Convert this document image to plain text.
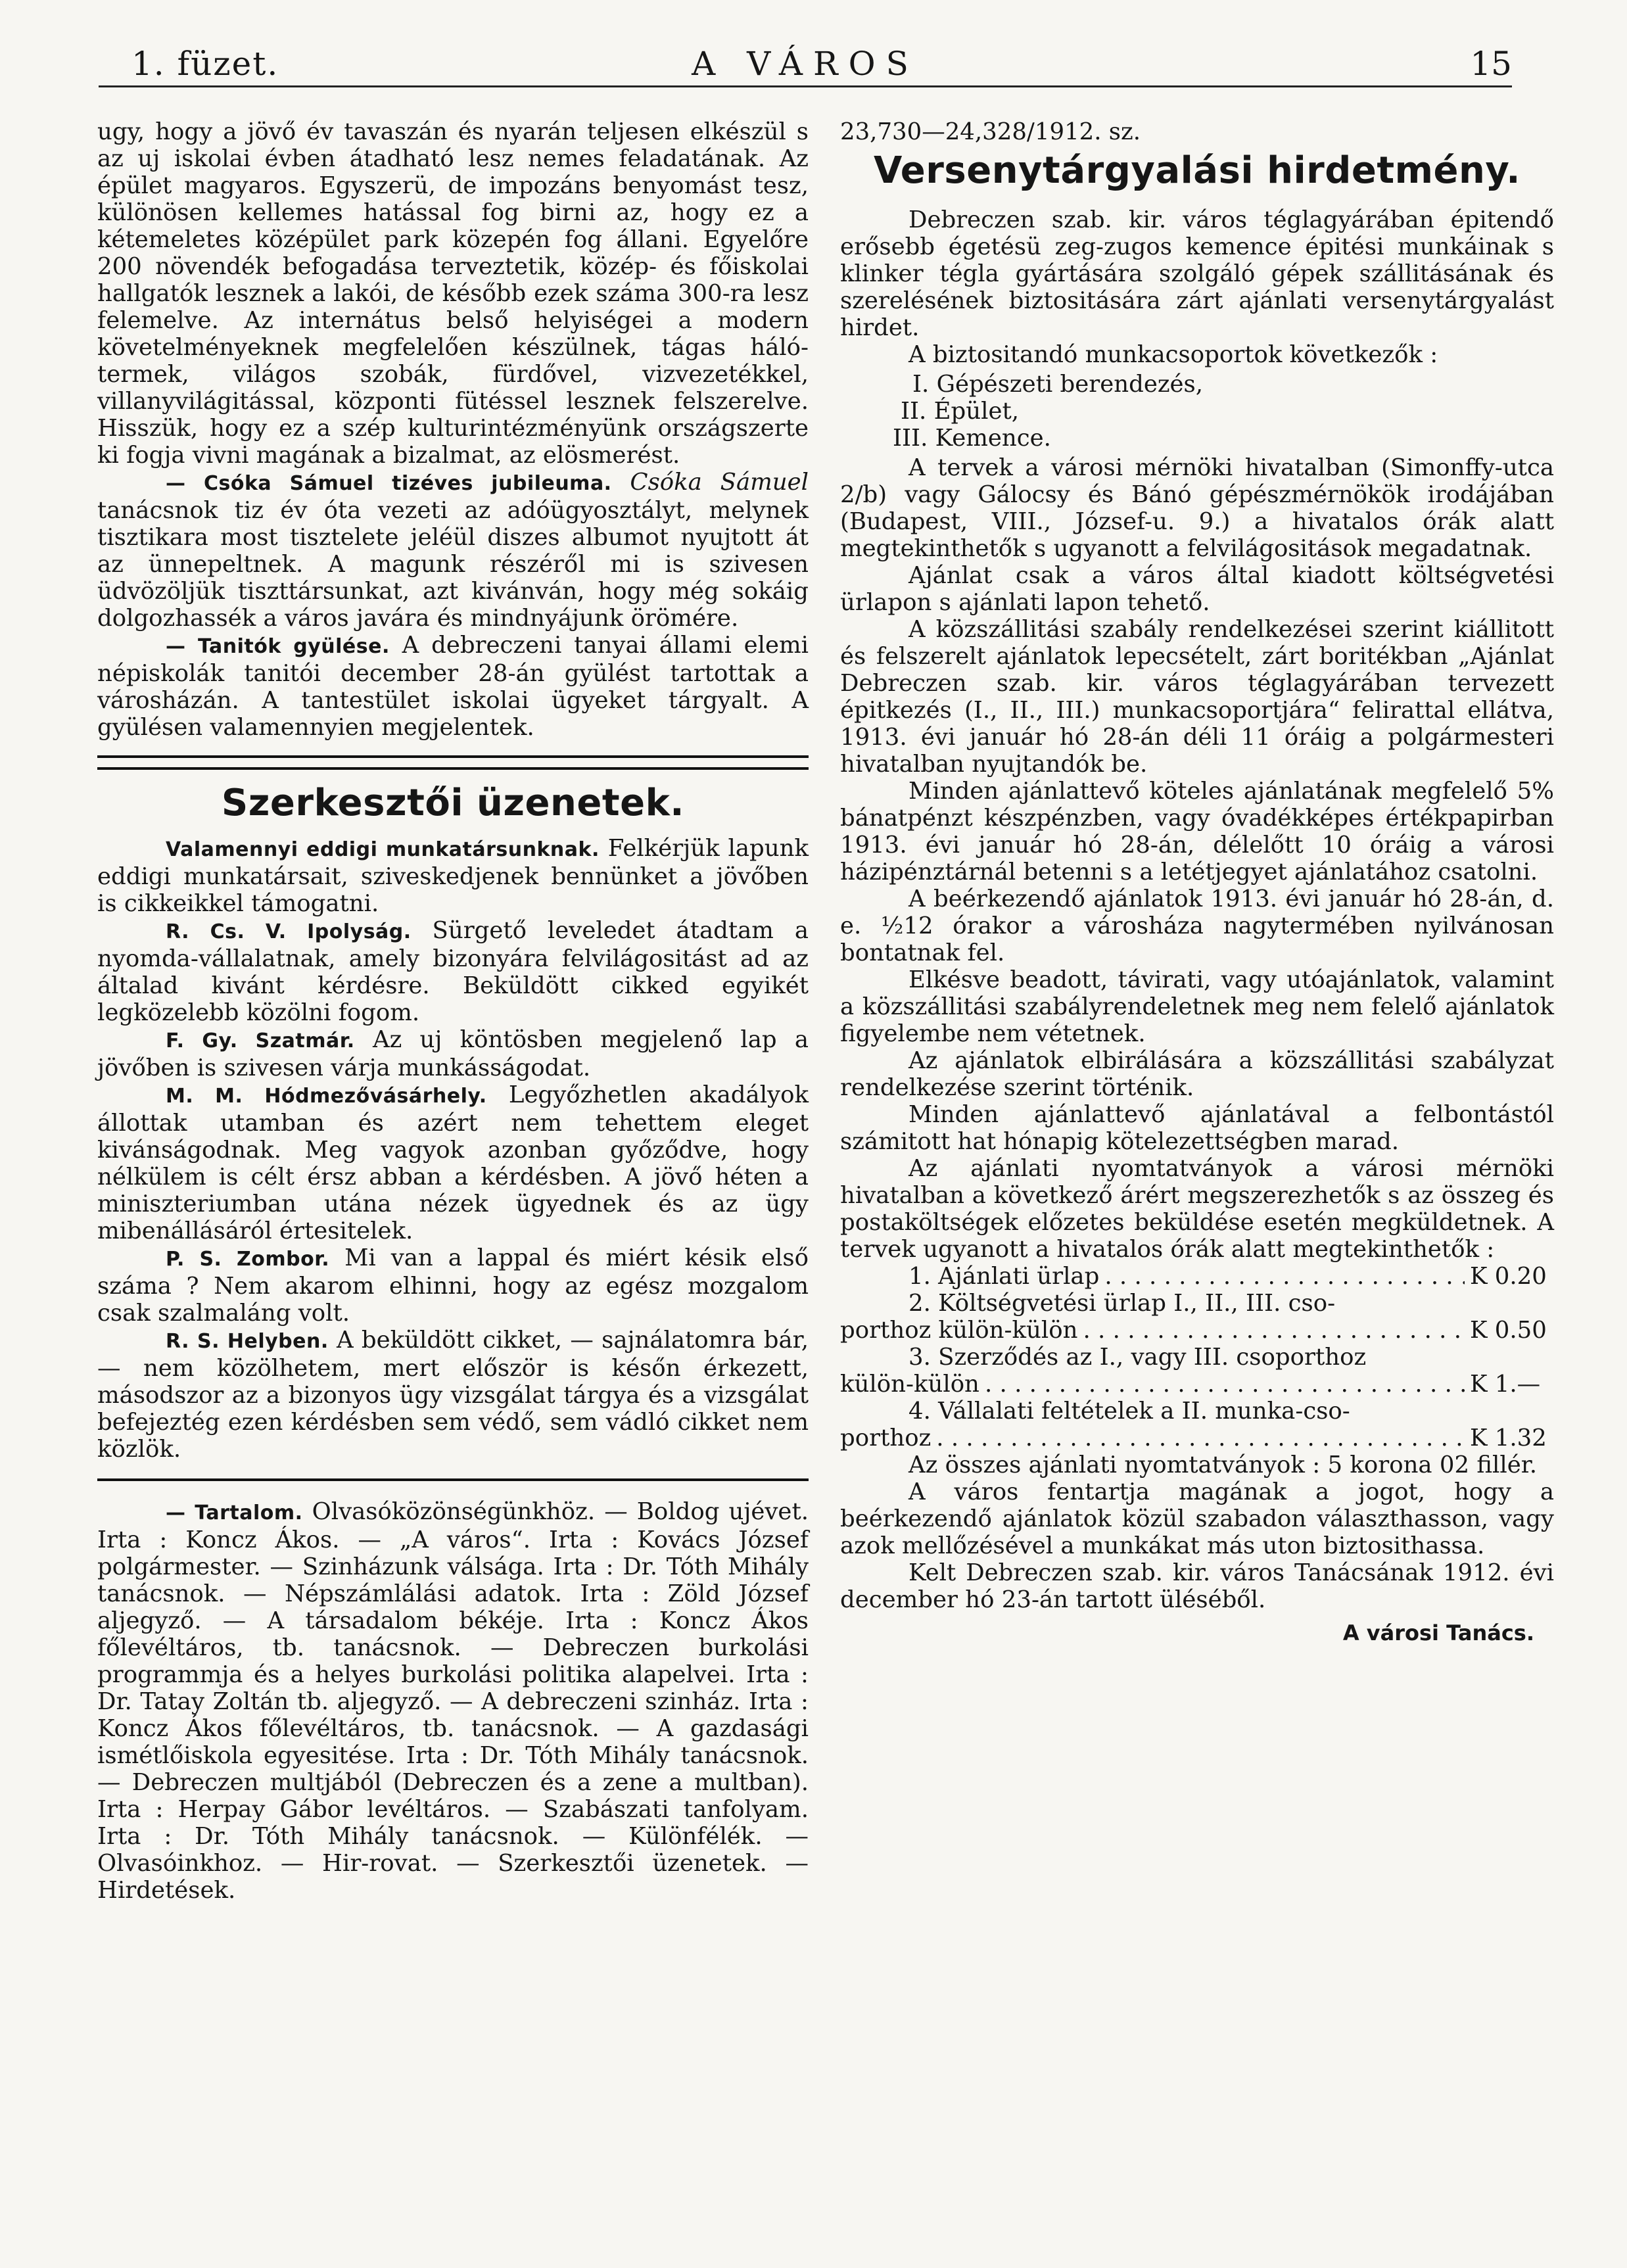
1. füzet.	A VÁROS	15

ugy, hogy a jövő év tavaszán és nyarán teljesen elkészül s az uj iskolai évben átadható lesz nemes feladatának. Az épület magyaros. Egyszerü, de impozáns benyomást tesz, különösen kellemes hatással fog birni az, hogy ez a kétemeletes középület park közepén fog állani. Egyelőre 200 növendék befogadása terveztetik, közép- és főiskolai hallgatók lesznek a lakói, de később ezek száma 300-ra lesz felemelve. Az internátus belső helyiségei a modern követelményeknek megfelelően készülnek, tágas háló-termek, világos szobák, fürdővel, vizvezetékkel, villanyvilágitással, központi fütéssel lesznek felszerelve. Hisszük, hogy ez a szép kulturintézményünk országszerte ki fogja vivni magának a bizalmat, az elösmerést.

— Csóka Sámuel tizéves jubileuma. Csóka Sámuel tanácsnok tiz év óta vezeti az adóügyosztályt, melynek tisztikara most tisztelete jeléül diszes albumot nyujtott át az ünnepeltnek. A magunk részéről mi is szivesen üdvözöljük tiszttársunkat, azt kivánván, hogy még sokáig dolgozhassék a város javára és mindnyájunk örömére.

— Tanitók gyülése. A debreczeni tanyai állami elemi népiskolák tanitói december 28-án gyülést tartottak a városházán. A tantestület iskolai ügyeket tárgyalt. A gyülésen valamennyien megjelentek.

Szerkesztői üzenetek.

Valamennyi eddigi munkatársunknak. Felkérjük lapunk eddigi munkatársait, sziveskedjenek bennünket a jövőben is cikkeikkel támogatni.

R. Cs. V. Ipolyság. Sürgető leveledet átadtam a nyomda-vállalatnak, amely bizonyára felvilágositást ad az általad kivánt kérdésre. Beküldött cikked egyikét legközelebb közölni fogom.

F. Gy. Szatmár. Az uj köntösben megjelenő lap a jövőben is szivesen várja munkásságodat.

M. M. Hódmezővásárhely. Legyőzhetlen akadályok állottak utamban és azért nem tehettem eleget kivánságodnak. Meg vagyok azonban győződve, hogy nélkülem is célt érsz abban a kérdésben. A jövő héten a miniszteriumban utána nézek ügyednek és az ügy mibenállásáról értesitelek.

P. S. Zombor. Mi van a lappal és miért késik első száma ? Nem akarom elhinni, hogy az egész mozgalom csak szalmaláng volt.

R. S. Helyben. A beküldött cikket, — sajnálatomra bár, — nem közölhetem, mert először is későn érkezett, másodszor az a bizonyos ügy vizsgálat tárgya és a vizsgálat befejeztég ezen kérdésben sem védő, sem vádló cikket nem közlök.

— Tartalom. Olvasóközönségünkhöz. — Boldog ujévet. Irta : Koncz Ákos. — „A város“. Irta : Kovács József polgármester. — Szinházunk válsága. Irta : Dr. Tóth Mihály tanácsnok. — Népszámlálási adatok. Irta : Zöld József aljegyző. — A társadalom békéje. Irta : Koncz Ákos főlevéltáros, tb. tanácsnok. — Debreczen burkolási programmja és a helyes burkolási politika alapelvei. Irta : Dr. Tatay Zoltán tb. aljegyző. — A debreczeni szinház. Irta : Koncz Ákos főlevéltáros, tb. tanácsnok. — A gazdasági ismétlőiskola egyesitése. Irta : Dr. Tóth Mihály tanácsnok. — Debreczen multjából (Debreczen és a zene a multban). Irta : Herpay Gábor levéltáros. — Szabászati tanfolyam. Irta : Dr. Tóth Mihály tanácsnok. — Különfélék. — Olvasóinkhoz. — Hir-rovat. — Szerkesztői üzenetek. — Hirdetések.

23,730—24,328/1912. sz.

Versenytárgyalási hirdetmény.

Debreczen szab. kir. város téglagyárában épitendő erősebb égetésü zeg-zugos kemence épitési munkáinak s klinker tégla gyártására szolgáló gépek szállitásának és szerelésének biztositására zárt ajánlati versenytárgyalást hirdet.

A biztositandó munkacsoportok következők :

I. Gépészeti berendezés,
II. Épület,
III. Kemence.

A tervek a városi mérnöki hivatalban (Simonffy-utca 2/b) vagy Gálocsy és Bánó gépészmérnökök irodájában (Budapest, VIII., József-u. 9.) a hivatalos órák alatt megtekinthetők s ugyanott a felvilágositások megadatnak.

Ajánlat csak a város által kiadott költségvetési ürlapon s ajánlati lapon tehető.

A közszállitási szabály rendelkezései szerint kiállitott és felszerelt ajánlatok lepecsételt, zárt boritékban „Ajánlat Debreczen szab. kir. város téglagyárában tervezett épitkezés (I., II., III.) munkacsoportjára“ felirattal ellátva, 1913. évi január hó 28-án déli 11 óráig a polgármesteri hivatalban nyujtandók be.

Minden ajánlattevő köteles ajánlatának megfelelő 5% bánatpénzt készpénzben, vagy óvadékképes értékpapirban 1913. évi január hó 28-án, délelőtt 10 óráig a városi házipénztárnál betenni s a letétjegyet ajánlatához csatolni.

A beérkezendő ajánlatok 1913. évi január hó 28-án, d. e. ½12 órakor a városháza nagytermében nyilvánosan bontatnak fel.

Elkésve beadott, távirati, vagy utóajánlatok, valamint a közszállitási szabályrendeletnek meg nem felelő ajánlatok figyelembe nem vétetnek.

Az ajánlatok elbirálására a közszállitási szabályzat rendelkezése szerint történik.

Minden ajánlattevő ajánlatával a felbontástól számitott hat hónapig kötelezettségben marad.

Az ajánlati nyomtatványok a városi mérnöki hivatalban a következő árért megszerezhetők s az összeg és postaköltségek előzetes beküldése esetén megküldetnek. A tervek ugyanott a hivatalos órák alatt megtekinthetők :

1. Ajánlati ürlap . . .	K 0.20
2. Költségvetési ürlap I., II., III. cso-
porthoz külön-külön . . .	K 0.50
3. Szerződés az I., vagy III. csoporthoz
külön-külön . . .	K 1.—
4. Vállalati feltételek a II. munka-cso-
porthoz . . .	K 1.32

Az összes ajánlati nyomtatványok : 5 korona 02 fillér.

A város fentartja magának a jogot, hogy a beérkezendő ajánlatok közül szabadon választhasson, vagy azok mellőzésével a munkákat más uton biztosithassa.

Kelt Debreczen szab. kir. város Tanácsának 1912. évi december hó 23-án tartott üléséből.

A városi Tanács.
